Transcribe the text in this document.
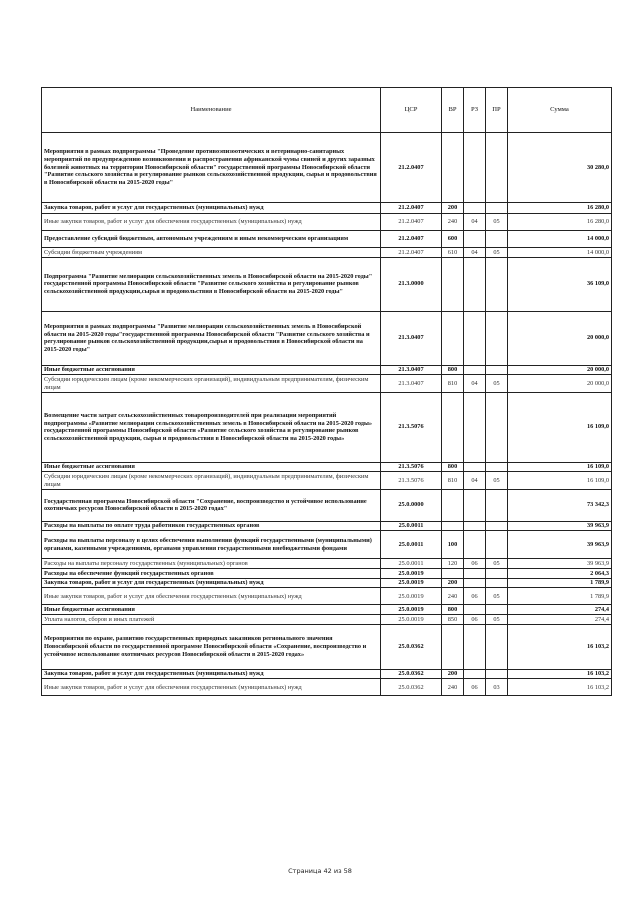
Наименование	ЦСР	ВР	РЗ	ПР	Сумма
Мероприятия в рамках подпрограммы "Проведение противоэпизоотических и ветеринарно-санитарных мероприятий по предупреждению возникновения и распространения африканской чумы свиней и других заразных болезней животных на территории Новосибирской области" государственной программы Новосибирской области "Развитие сельского хозяйства и регулирование рынков сельскохозяйственной продукции, сырья и продовольствия в Новосибирской области на 2015-2020 годы"	21.2.0407				30 280,0
Закупка товаров, работ и услуг для государственных (муниципальных) нужд	21.2.0407	200			16 280,0
Иные закупки товаров, работ и услуг для обеспечения государственных (муниципальных) нужд	21.2.0407	240	04	05	16 280,0
Предоставление субсидий бюджетным, автономным учреждениям и иным некоммерческим организациям	21.2.0407	600			14 000,0
Субсидии бюджетным учреждениям	21.2.0407	610	04	05	14 000,0
Подпрограмма "Развитие мелиорации сельскохозяйственных земель в Новосибирской области на 2015-2020 годы" государственной программы Новосибирской области "Развитие сельского хозяйства и регулирование рынков сельскохозяйственной продукции,сырья и продовольствия в Новосибирской области на 2015-2020 годы"	21.3.0000				36 109,0
Мероприятия в рамках подпрограммы "Развитие мелиорации сельскохозяйственных земель в Новосибирской области на 2015-2020 годы"государственной программы Новосибирской области "Развитие сельского хозяйства и регулирование рынков сельскохозяйственной продукции,сырья и продовольствия в Новосибирской области на 2015-2020 годы"	21.3.0407				20 000,0
Иные бюджетные ассигнования	21.3.0407	800			20 000,0
Субсидии юридическим лицам (кроме некоммерческих организаций), индивидуальным предпринимателям, физическим лицам	21.3.0407	810	04	05	20 000,0
Возмещение части затрат сельскохозяйственных товаропроизводителей при реализации мероприятий подпрограммы «Развитие мелиорации сельскохозяйственных земель в Новосибирской области на 2015-2020 годы» государственной программы Новосибирской области «Развитие сельского хозяйства и регулирование рынков сельскохозяйственной продукции, сырья и продовольствия в Новосибирской области на 2015-2020 годы»	21.3.5076				16 109,0
Иные бюджетные ассигнования	21.3.5076	800			16 109,0
Субсидии юридическим лицам (кроме некоммерческих организаций), индивидуальным предпринимателям, физическим лицам	21.3.5076	810	04	05	16 109,0
Государственная программа Новосибирской области "Сохранение, воспроизводство и устойчивое использование охотничьих ресурсов Новосибирской области в 2015-2020 годах"	25.0.0000				73 342,3
Расходы на выплаты по оплате труда работников государственных органов	25.0.0011				39 963,9
Расходы на выплаты персоналу в целях обеспечения выполнения функций государственными (муниципальными) органами, казенными учреждениями, органами управления государственными внебюджетными фондами	25.0.0011	100			39 963,9
Расходы на выплаты персоналу государственных (муниципальных) органов	25.0.0011	120	06	05	39 963,9
Расходы на обеспечение функций государственных органов	25.0.0019				2 064,3
Закупка товаров, работ и услуг для государственных (муниципальных) нужд	25.0.0019	200			1 789,9
Иные закупки товаров, работ и услуг для обеспечения государственных (муниципальных) нужд	25.0.0019	240	06	05	1 789,9
Иные бюджетные ассигнования	25.0.0019	800			274,4
Уплата налогов, сборов и иных платежей	25.0.0019	850	06	05	274,4
Мероприятия по охране, развитию государственных природных заказников регионального значения Новосибирской области по государственной программе Новосибирской области «Сохранение, воспроизводство и устойчивое использование охотничьих ресурсов Новосибирской области в 2015-2020 годах»	25.0.0362				16 103,2
Закупка товаров, работ и услуг для государственных (муниципальных) нужд	25.0.0362	200			16 103,2
Иные закупки товаров, работ и услуг для обеспечения государственных (муниципальных) нужд	25.0.0362	240	06	03	16 103,2
Страница 42 из 58
